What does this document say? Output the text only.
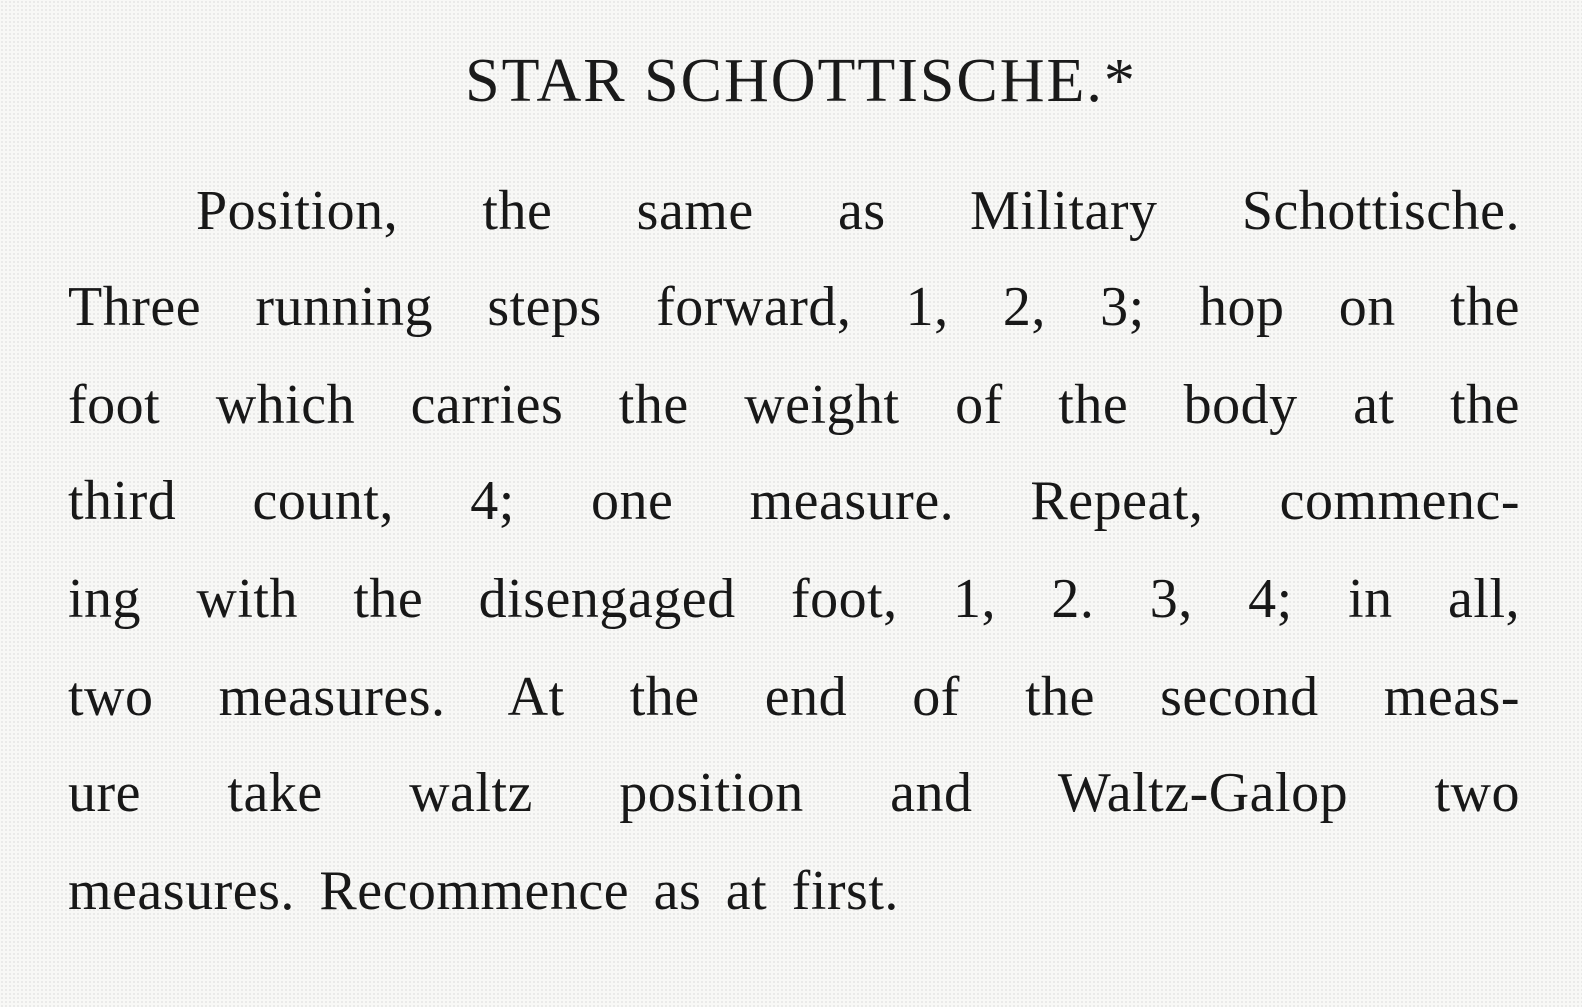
STAR SCHOTTISCHE.*
Position, the same as Military Schottische.
Three running steps forward, 1, 2, 3; hop on the
foot which carries the weight of the body at the
third count, 4; one measure. Repeat, commenc-
ing with the disengaged foot, 1, 2. 3, 4; in all,
two measures. At the end of the second meas-
ure take waltz position and Waltz-Galop two
measures. Recommence as at first.
